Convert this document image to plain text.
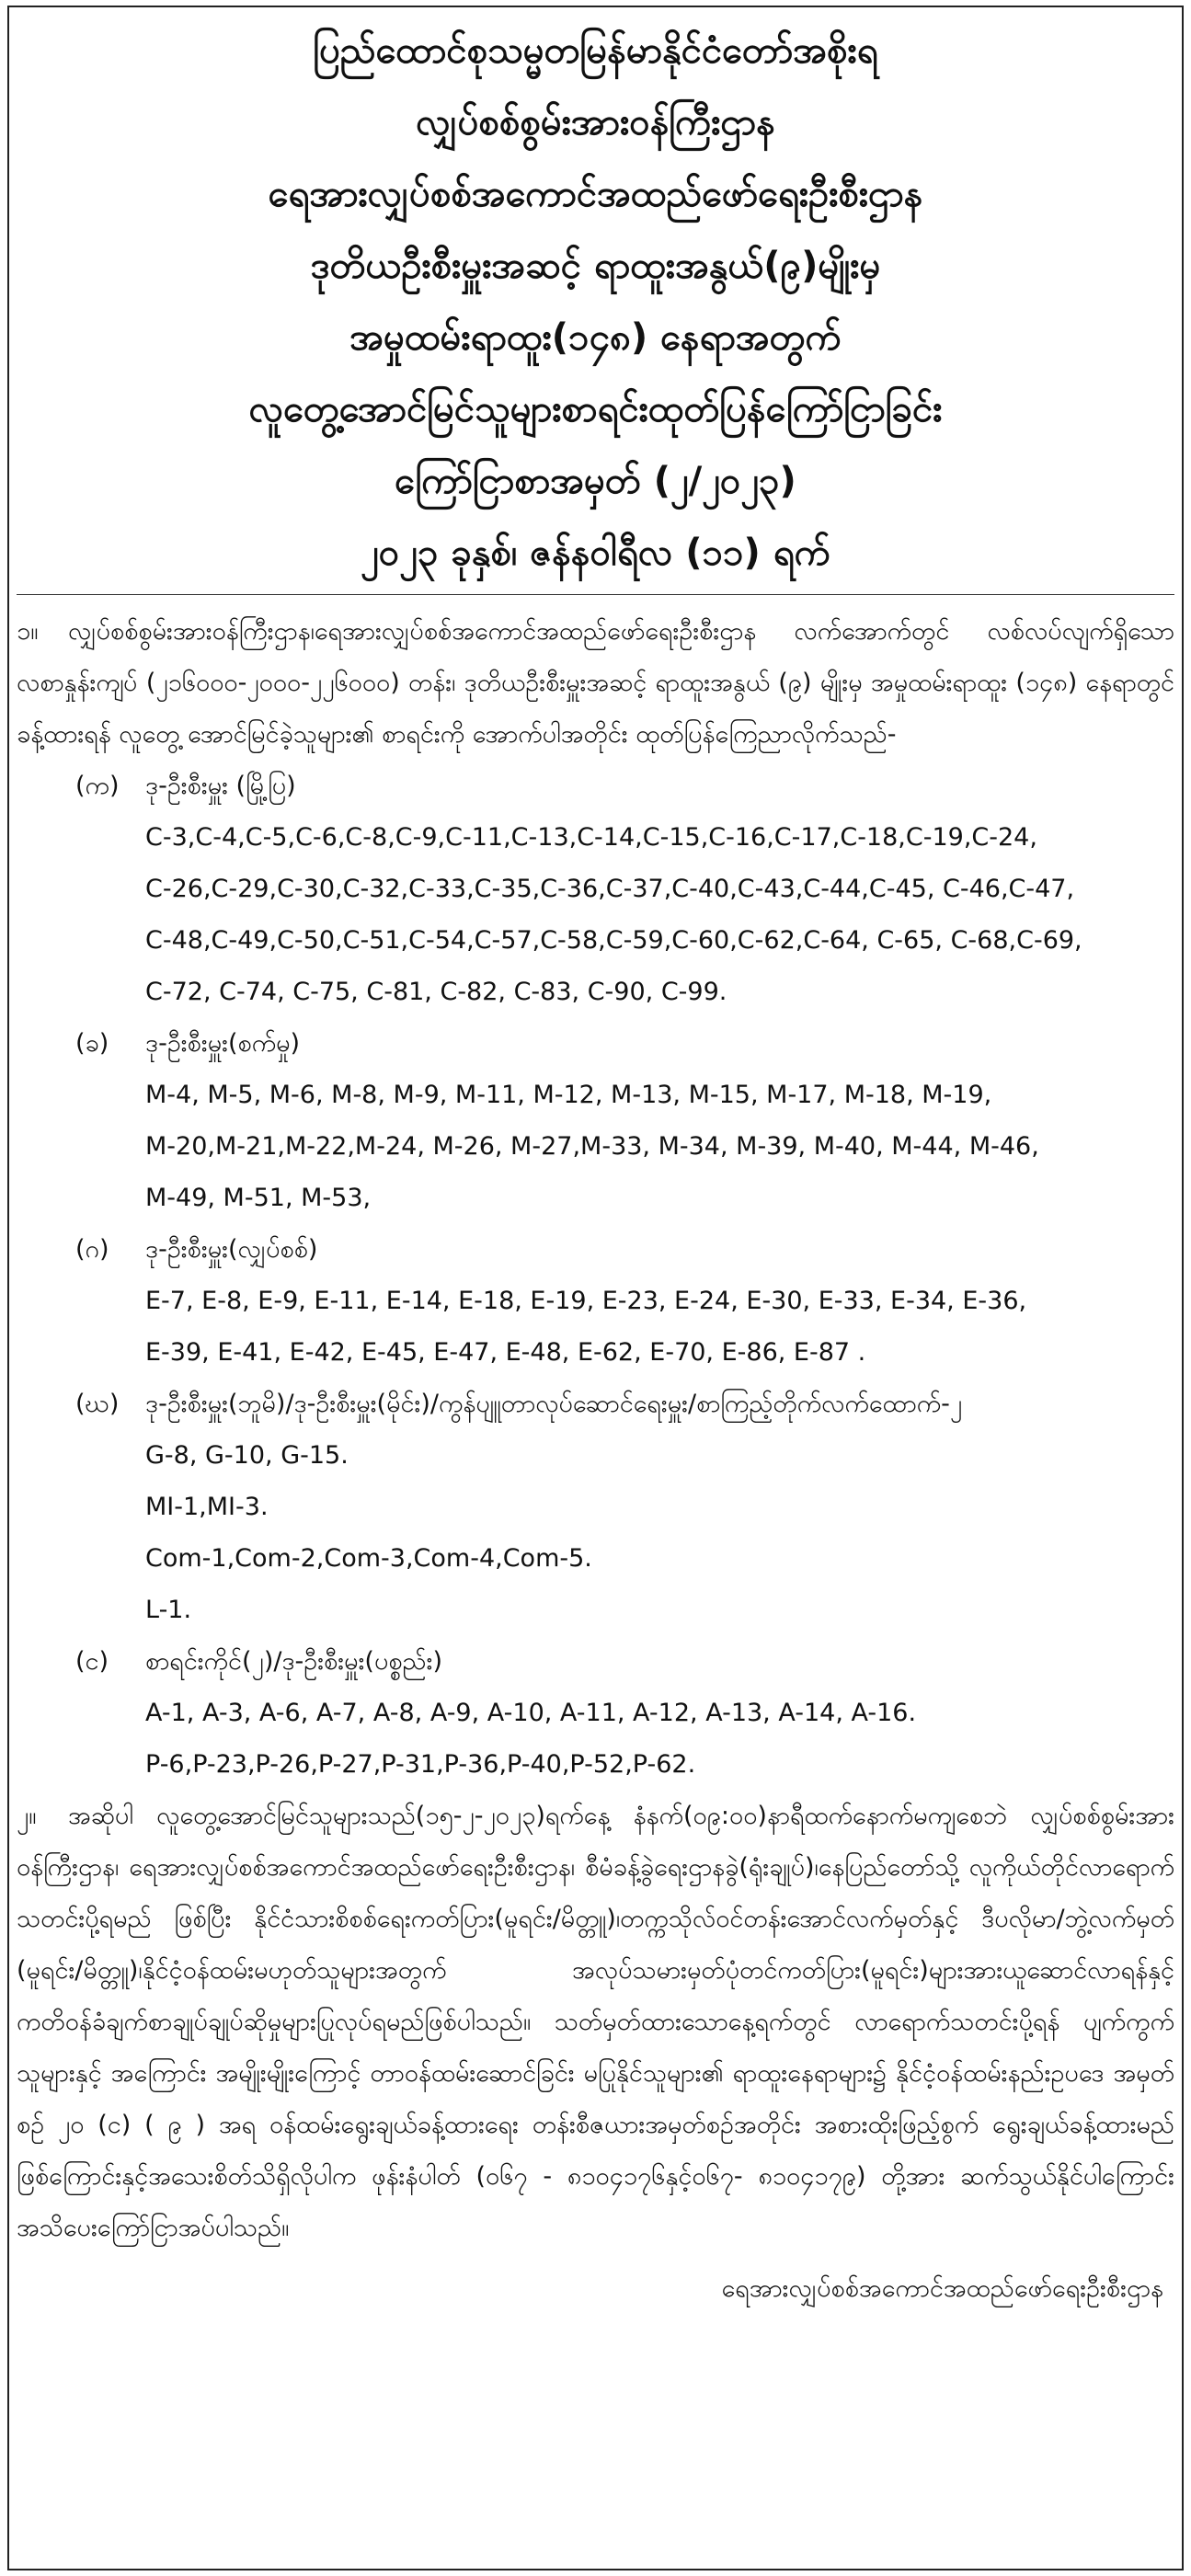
ပြည်ထောင်စုသမ္မတမြန်မာနိုင်ငံတော်အစိုးရ
လျှပ်စစ်စွမ်းအားဝန်ကြီးဌာန
ရေအားလျှပ်စစ်အကောင်အထည်ဖော်ရေးဦးစီးဌာန
ဒုတိယဦးစီးမှူးအဆင့် ရာထူးအနွယ်(၉)မျိုးမှ
အမှုထမ်းရာထူး(၁၄၈) နေရာအတွက်
လူတွေ့အောင်မြင်သူများစာရင်းထုတ်ပြန်ကြော်ငြာခြင်း
ကြော်ငြာစာအမှတ် (၂/၂၀၂၃)
၂၀၂၃ ခုနှစ်၊ ဇန်နဝါရီလ (၁၁) ရက်

၁။ လျှပ်စစ်စွမ်းအားဝန်ကြီးဌာန၊ရေအားလျှပ်စစ်အကောင်အထည်ဖော်ရေးဦးစီးဌာန လက်အောက်တွင် လစ်လပ်လျက်ရှိသော လစာနှုန်းကျပ် (၂၁၆၀၀၀-၂၀၀၀-၂၂၆၀၀၀) တန်း၊ ဒုတိယဦးစီးမှူးအဆင့် ရာထူးအနွယ် (၉) မျိုးမှ အမှုထမ်းရာထူး (၁၄၈) နေရာတွင် ခန့်ထားရန် လူတွေ့ အောင်မြင်ခဲ့သူများ၏ စာရင်းကို အောက်ပါအတိုင်း ထုတ်ပြန်ကြေညာလိုက်သည်-

(က)	ဒု-ဦးစီးမှူး (မြို့ပြ)
C-3,C-4,C-5,C-6,C-8,C-9,C-11,C-13,C-14,C-15,C-16,C-17,C-18,C-19,C-24,
C-26,C-29,C-30,C-32,C-33,C-35,C-36,C-37,C-40,C-43,C-44,C-45, C-46,C-47,
C-48,C-49,C-50,C-51,C-54,C-57,C-58,C-59,C-60,C-62,C-64, C-65, C-68,C-69,
C-72, C-74, C-75, C-81, C-82, C-83, C-90, C-99.
(ခ)	ဒု-ဦးစီးမှူး(စက်မှု)
M-4, M-5, M-6, M-8, M-9, M-11, M-12, M-13, M-15, M-17, M-18, M-19,
M-20,M-21,M-22,M-24, M-26, M-27,M-33, M-34, M-39, M-40, M-44, M-46,
M-49, M-51, M-53,
(ဂ)	ဒု-ဦးစီးမှူး(လျှပ်စစ်)
E-7, E-8, E-9, E-11, E-14, E-18, E-19, E-23, E-24, E-30, E-33, E-34, E-36,
E-39, E-41, E-42, E-45, E-47, E-48, E-62, E-70, E-86, E-87 .
(ဃ)	ဒု-ဦးစီးမှူး(ဘူမိ)/ဒု-ဦးစီးမှူး(မိုင်း)/ကွန်ပျူတာလုပ်ဆောင်ရေးမှူး/စာကြည့်တိုက်လက်ထောက်-၂
G-8, G-10, G-15.
MI-1,MI-3.
Com-1,Com-2,Com-3,Com-4,Com-5.
L-1.
(င)	စာရင်းကိုင်(၂)/ဒု-ဦးစီးမှူး(ပစ္စည်း)
A-1, A-3, A-6, A-7, A-8, A-9, A-10, A-11, A-12, A-13, A-14, A-16.
P-6,P-23,P-26,P-27,P-31,P-36,P-40,P-52,P-62.

၂။ အဆိုပါ လူတွေ့အောင်မြင်သူများသည်(၁၅-၂-၂၀၂၃)ရက်နေ့ နံနက်(၀၉:၀၀)နာရီထက်နောက်မကျစေဘဲ လျှပ်စစ်စွမ်းအားဝန်ကြီးဌာန၊ ရေအားလျှပ်စစ်အကောင်အထည်ဖော်ရေးဦးစီးဌာန၊ စီမံခန့်ခွဲရေးဌာနခွဲ(ရုံးချုပ်)၊နေပြည်တော်သို့ လူကိုယ်တိုင်လာရောက်သတင်းပို့ရမည် ဖြစ်ပြီး နိုင်ငံသားစိစစ်ရေးကတ်ပြား(မူရင်း/မိတ္တူ)၊တက္ကသိုလ်ဝင်တန်းအောင်လက်မှတ်နှင့် ဒီပလိုမာ/ဘွဲ့လက်မှတ် (မူရင်း/မိတ္တူ)၊နိုင်ငံ့ဝန်ထမ်းမဟုတ်သူများအတွက် အလုပ်သမားမှတ်ပုံတင်ကတ်ပြား(မူရင်း)များအားယူဆောင်လာရန်နှင့်ကတိဝန်ခံချက်စာချုပ်ချုပ်ဆိုမှုများပြုလုပ်ရမည်ဖြစ်ပါသည်။ သတ်မှတ်ထားသောနေ့ရက်တွင် လာရောက်သတင်းပို့ရန် ပျက်ကွက်သူများနှင့် အကြောင်း အမျိုးမျိုးကြောင့် တာဝန်ထမ်းဆောင်ခြင်း မပြုနိုင်သူများ၏ ရာထူးနေရာများ၌ နိုင်ငံ့ဝန်ထမ်းနည်းဥပဒေ အမှတ်စဉ် ၂၀ (င) ( ၉ ) အရ ဝန်ထမ်းရွေးချယ်ခန့်ထားရေး တန်းစီဇယားအမှတ်စဉ်အတိုင်း အစားထိုးဖြည့်စွက် ရွေးချယ်ခန့်ထားမည်ဖြစ်ကြောင်းနှင့်အသေးစိတ်သိရှိလိုပါက ဖုန်းနံပါတ် (၀၆၇ - ၈၁၀၄၁၇၆နှင့်၀၆၇- ၈၁၀၄၁၇၉) တို့အား ဆက်သွယ်နိုင်ပါကြောင်း အသိပေးကြော်ငြာအပ်ပါသည်။

ရေအားလျှပ်စစ်အကောင်အထည်ဖော်ရေးဦးစီးဌာန
